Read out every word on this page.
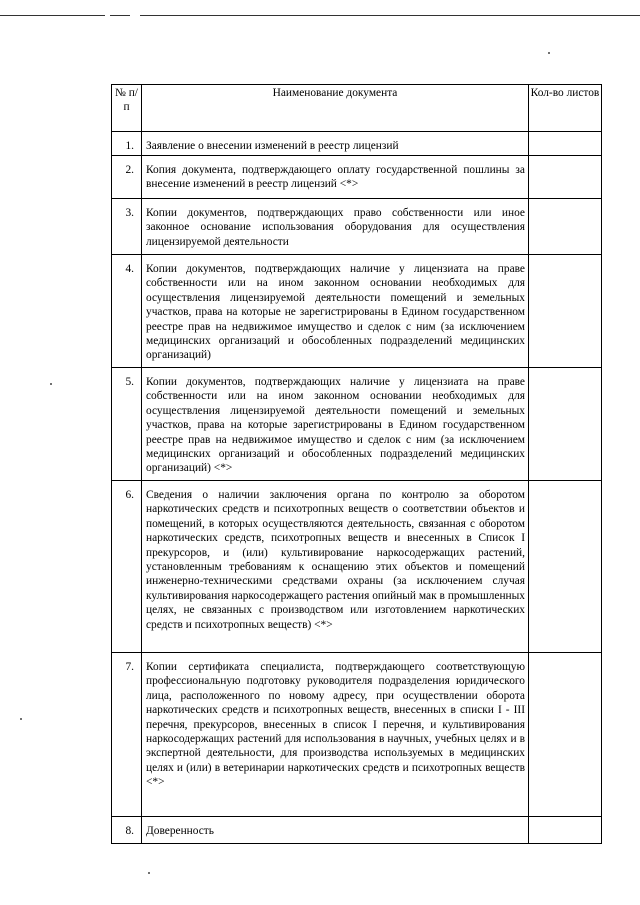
№ п/п	Наименование документа	Кол-во листов
1.	Заявление о внесении изменений в реестр лицензий	
2.	Копия документа, подтверждающего оплату государственной пошлины за внесение изменений в реестр лицензий <*>	
3.	Копии документов, подтверждающих право собственности или иное законное основание использования оборудования для осуществления лицензируемой деятельности	
4.	Копии документов, подтверждающих наличие у лицензиата на праве собственности или на ином законном основании необходимых для осуществления лицензируемой деятельности помещений и земельных участков, права на которые не зарегистрированы в Едином государственном реестре прав на недвижимое имущество и сделок с ним (за исключением медицинских организаций и обособленных подразделений медицинских организаций)	
5.	Копии документов, подтверждающих наличие у лицензиата на праве собственности или на ином законном основании необходимых для осуществления лицензируемой деятельности помещений и земельных участков, права на которые зарегистрированы в Едином государственном реестре прав на недвижимое имущество и сделок с ним (за исключением медицинских организаций и обособленных подразделений медицинских организаций) <*>	
6.	Сведения о наличии заключения органа по контролю за оборотом наркотических средств и психотропных веществ о соответствии объектов и помещений, в которых осуществляются деятельность, связанная с оборотом наркотических средств, психотропных веществ и внесенных в Список I прекурсоров, и (или) культивирование наркосодержащих растений, установленным требованиям к оснащению этих объектов и помещений инженерно-техническими средствами охраны (за исключением случая культивирования наркосодержащего растения опийный мак в промышленных целях, не связанных с производством или изготовлением наркотических средств и психотропных веществ) <*>	
7.	Копии сертификата специалиста, подтверждающего соответствующую профессиональную подготовку руководителя подразделения юридического лица, расположенного по новому адресу, при осуществлении оборота наркотических средств и психотропных веществ, внесенных в списки I - III перечня, прекурсоров, внесенных в список I перечня, и культивирования наркосодержащих растений для использования в научных, учебных целях и в экспертной деятельности, для производства используемых в медицинских целях и (или) в ветеринарии наркотических средств и психотропных веществ <*>	
8.	Доверенность	
